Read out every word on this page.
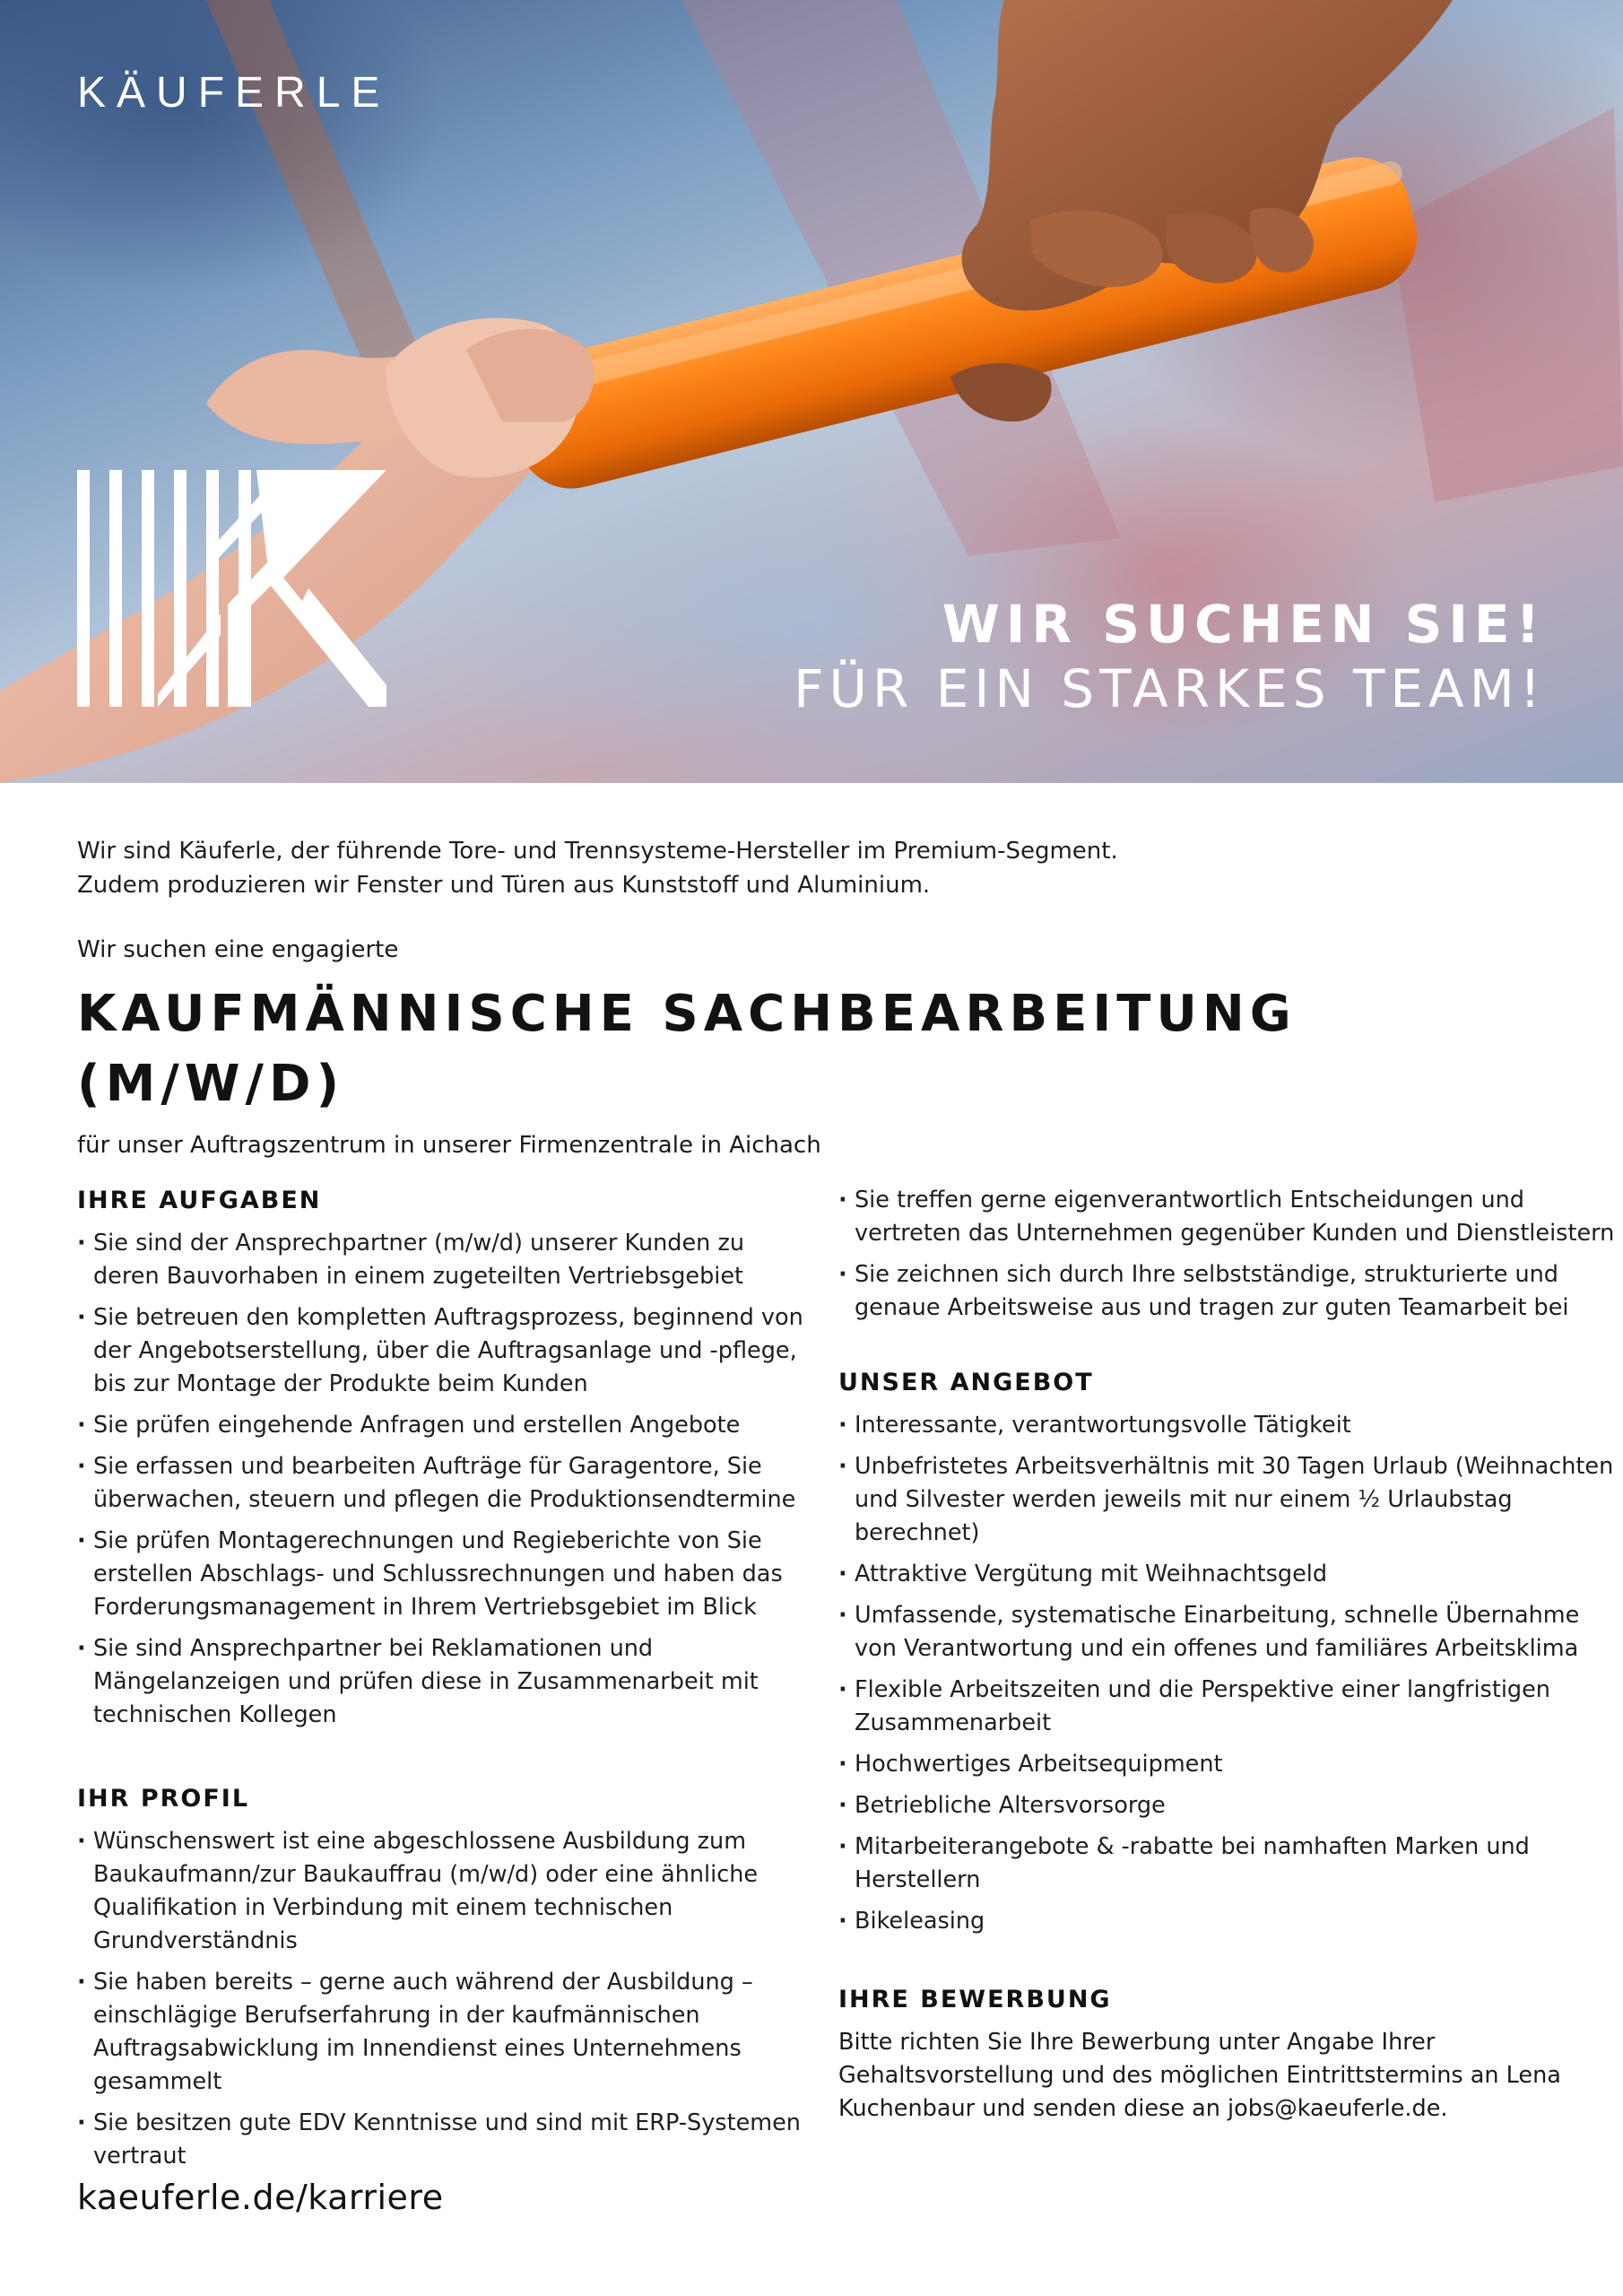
KÄUFERLE
WIR SUCHEN SIE!
FÜR EIN STARKES TEAM!

Wir sind Käuferle, der führende Tore- und Trennsysteme-Hersteller im Premium-Segment.

Zudem produzieren wir Fenster und Türen aus Kunststoff und Aluminium.

Wir suchen eine engagierte
KAUFMÄNNISCHE SACHBEARBEITUNG
(M/W/D)
für unser Auftragszentrum in unserer Firmenzentrale in Aichach
IHRE AUFGABEN
· Sie sind der Ansprechpartner (m/w/d) unserer Kunden zu deren Bauvorhaben in einem zugeteilten Vertriebsgebiet
· Sie betreuen den kompletten Auftragsprozess, beginnend von der Angebotserstellung, über die Auftragsanlage und -pflege, bis zur Montage der Produkte beim Kunden
· Sie prüfen eingehende Anfragen und erstellen Angebote
· Sie erfassen und bearbeiten Aufträge für Garagentore, Sie überwachen, steuern und pflegen die Produktionsendtermine
· Sie prüfen Montagerechnungen und Regieberichte von Sie erstellen Abschlags- und Schlussrechnungen und haben das Forderungsmanagement in Ihrem Vertriebsgebiet im Blick
· Sie sind Ansprechpartner bei Reklamationen und Mängelanzeigen und prüfen diese in Zusammenarbeit mit technischen Kollegen
IHR PROFIL
· Wünschenswert ist eine abgeschlossene Ausbildung zum Baukaufmann/zur Baukauffrau (m/w/d) oder eine ähnliche Qualifikation in Verbindung mit einem technischen Grundverständnis
· Sie haben bereits – gerne auch während der Ausbildung – einschlägige Berufserfahrung in der kaufmännischen Auftragsabwicklung im Innendienst eines Unternehmens gesammelt
· Sie besitzen gute EDV Kenntnisse und sind mit ERP-Systemen vertraut
· Sie treffen gerne eigenverantwortlich Entscheidungen und vertreten das Unternehmen gegenüber Kunden und Dienstleistern
· Sie zeichnen sich durch Ihre selbstständige, strukturierte und genaue Arbeitsweise aus und tragen zur guten Teamarbeit bei
UNSER ANGEBOT
· Interessante, verantwortungsvolle Tätigkeit
· Unbefristetes Arbeitsverhältnis mit 30 Tagen Urlaub (Weihnachten und Silvester werden jeweils mit nur einem ½ Urlaubstag berechnet)
· Attraktive Vergütung mit Weihnachtsgeld
· Umfassende, systematische Einarbeitung, schnelle Übernahme von Verantwortung und ein offenes und familiäres Arbeitsklima
· Flexible Arbeitszeiten und die Perspektive einer langfristigen Zusammenarbeit
· Hochwertiges Arbeitsequipment
· Betriebliche Altersvorsorge
· Mitarbeiterangebote & -rabatte bei namhaften Marken und Herstellern
· Bikeleasing
IHRE BEWERBUNG

Bitte richten Sie Ihre Bewerbung unter Angabe Ihrer Gehaltsvorstellung und des möglichen Eintrittstermins an Lena Kuchenbaur und senden diese an jobs@kaeuferle.de.

kaeuferle.de/karriere
